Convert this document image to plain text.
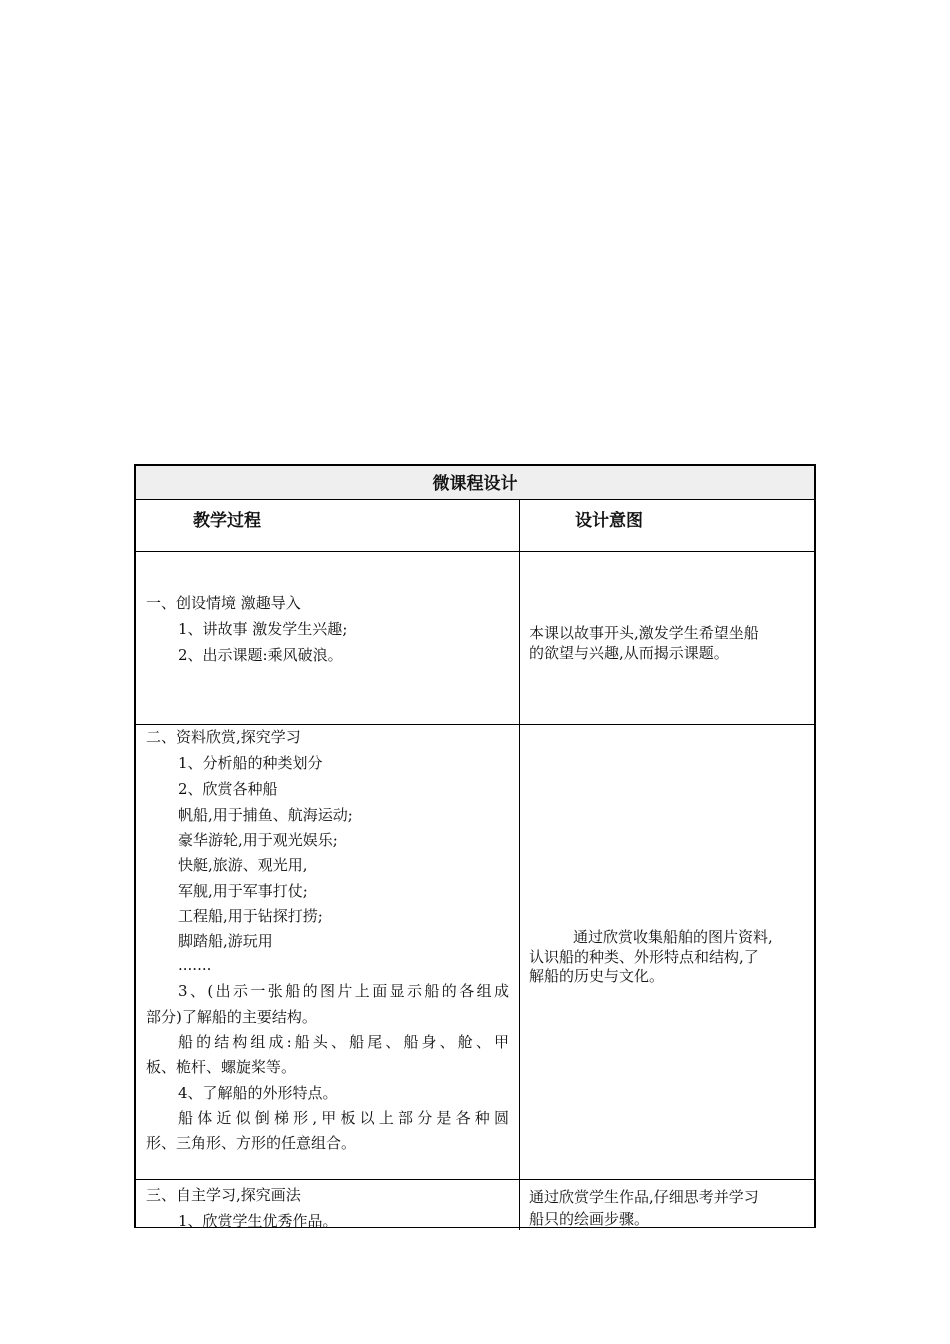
微课程设计
教学过程	设计意图
一、创设情境 激趣导入
1、讲故事 激发学生兴趣;
2、出示课题:乘风破浪。
本课以故事开头,激发学生希望坐船
的欲望与兴趣,从而揭示课题。
二、资料欣赏,探究学习
1、分析船的种类划分
2、欣赏各种船
帆船,用于捕鱼、航海运动;
豪华游轮,用于观光娱乐;
快艇,旅游、观光用,
军舰,用于军事打仗;
工程船,用于钻探打捞;
脚踏船,游玩用
.......
3、(出示一张船的图片上面显示船的各组成
部分)了解船的主要结构。
船的结构组成:船头、船尾、船身、舱、甲
板、桅杆、螺旋桨等。
4、了解船的外形特点。
船体近似倒梯形,甲板以上部分是各种圆
形、三角形、方形的任意组合。
通过欣赏收集船舶的图片资料,
认识船的种类、外形特点和结构,了
解船的历史与文化。
三、自主学习,探究画法
1、欣赏学生优秀作品。
通过欣赏学生作品,仔细思考并学习
船只的绘画步骤。
